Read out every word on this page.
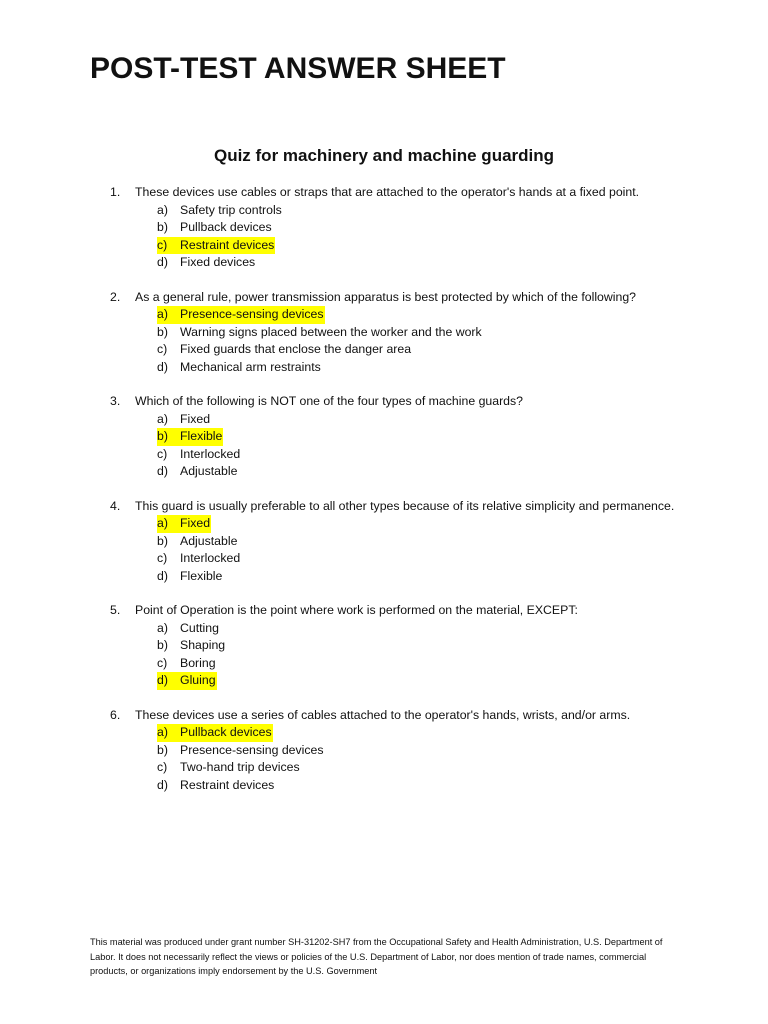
POST-TEST ANSWER SHEET
Quiz for machinery and machine guarding
1.	These devices use cables or straps that are attached to the operator's hands at a fixed point.
a) Safety trip controls
b) Pullback devices
c) Restraint devices
d) Fixed devices
2.	As a general rule, power transmission apparatus is best protected by which of the following?
a) Presence-sensing devices
b) Warning signs placed between the worker and the work
c) Fixed guards that enclose the danger area
d) Mechanical arm restraints
3.	Which of the following is NOT one of the four types of machine guards?
a) Fixed
b) Flexible
c) Interlocked
d) Adjustable
4.	This guard is usually preferable to all other types because of its relative simplicity and permanence.
a) Fixed
b) Adjustable
c) Interlocked
d) Flexible
5.	Point of Operation is the point where work is performed on the material, EXCEPT:
a) Cutting
b) Shaping
c) Boring
d) Gluing
6.	These devices use a series of cables attached to the operator's hands, wrists, and/or arms.
a) Pullback devices
b) Presence-sensing devices
c) Two-hand trip devices
d) Restraint devices

This material was produced under grant number SH-31202-SH7 from the Occupational Safety and Health Administration, U.S. Department of Labor. It does not necessarily reflect the views or policies of the U.S. Department of Labor, nor does mention of trade names, commercial products, or organizations imply endorsement by the U.S. Government
